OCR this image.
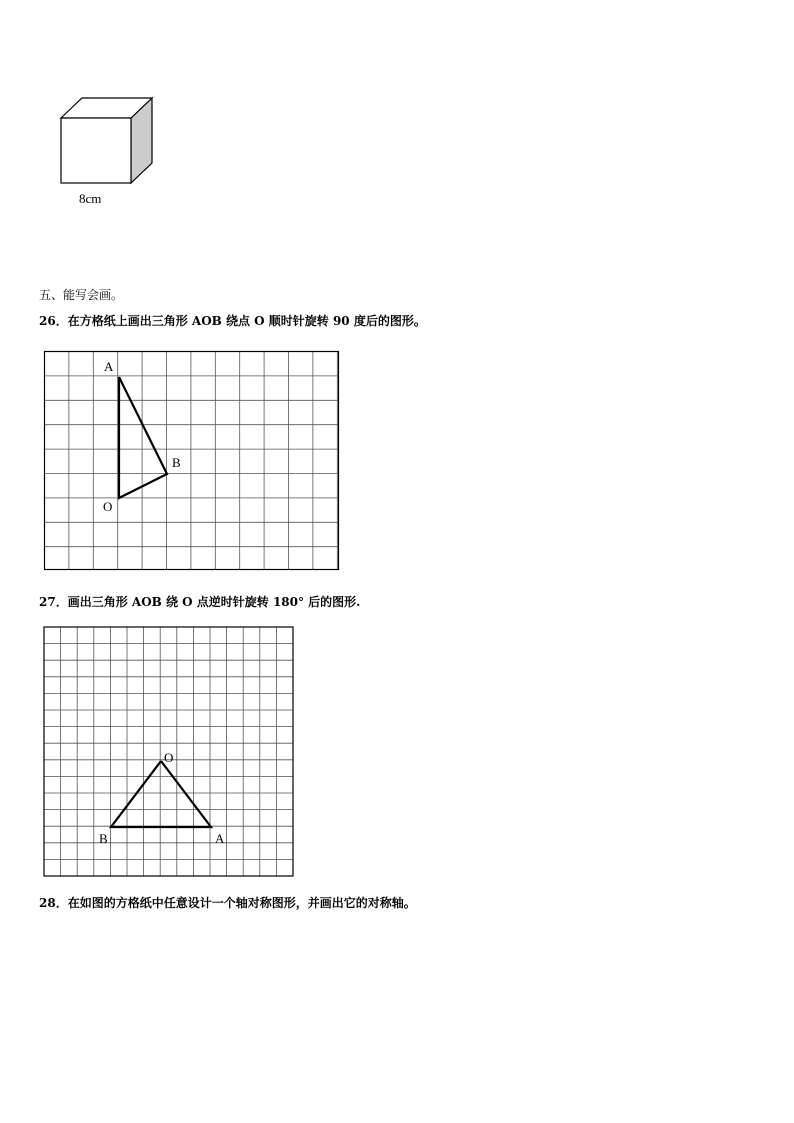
8cm
五、能写会画。
26．在方格纸上画出三角形 AOB 绕点 O 顺时针旋转 90 度后的图形。
A
B
O
27．画出三角形 AOB 绕 O 点逆时针旋转 180° 后的图形.
O
B	A
28．在如图的方格纸中任意设计一个轴对称图形，并画出它的对称轴。
